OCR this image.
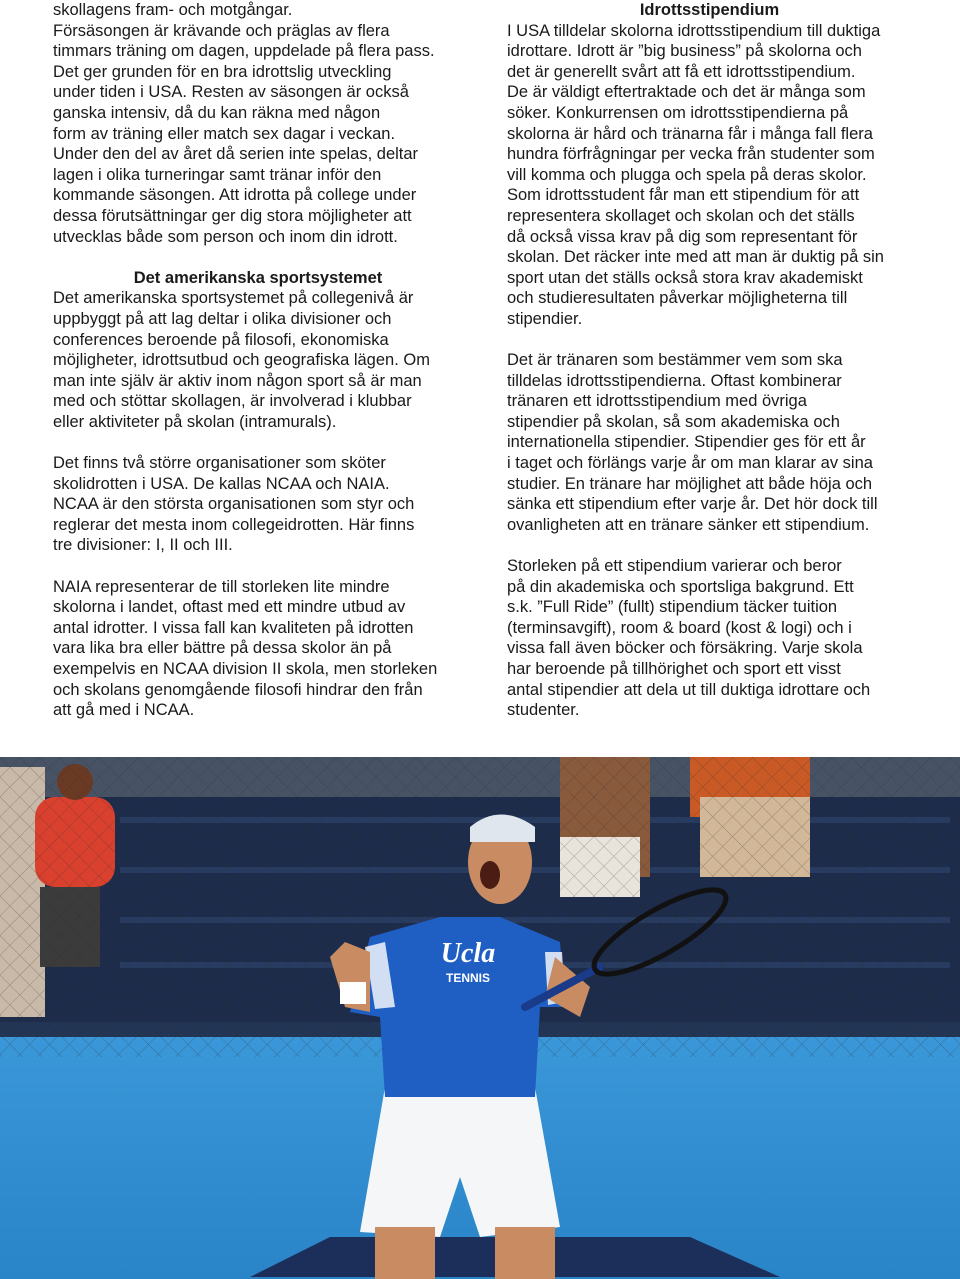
skollagens fram- och motgångar.

Försäsongen är krävande och präglas av flera

timmars träning om dagen, uppdelade på flera pass.

Det ger grunden för en bra idrottslig utveckling

under tiden i USA. Resten av säsongen är också

ganska intensiv, då du kan räkna med någon

form av träning eller match sex dagar i veckan.

Under den del av året då serien inte spelas, deltar

lagen i olika turneringar samt tränar inför den

kommande säsongen. Att idrotta på college under

dessa förutsättningar ger dig stora möjligheter att

utvecklas både som person och inom din idrott.

Det amerikanska sportsystemet

Det amerikanska sportsystemet på collegenivå är

uppbyggt på att lag deltar i olika divisioner och

conferences beroende på filosofi, ekonomiska

möjligheter, idrottsutbud och geografiska lägen. Om

man inte själv är aktiv inom någon sport så är man

med och stöttar skollagen, är involverad i klubbar

eller aktiviteter på skolan (intramurals).

Det finns två större organisationer som sköter

skolidrotten i USA. De kallas NCAA och NAIA.

NCAA är den största organisationen som styr och

reglerar det mesta inom collegeidrotten. Här finns

tre divisioner: I, II och III.

NAIA representerar de till storleken lite mindre

skolorna i landet, oftast med ett mindre utbud av

antal idrotter. I vissa fall kan kvaliteten på idrotten

vara lika bra eller bättre på dessa skolor än på

exempelvis en NCAA division II skola, men storleken

och skolans genomgående filosofi hindrar den från

att gå med i NCAA.

Idrottsstipendium

I USA tilldelar skolorna idrottsstipendium till duktiga

idrottare. Idrott är ”big business” på skolorna och

det är generellt svårt att få ett idrottsstipendium.

De är väldigt eftertraktade och det är många som

söker. Konkurrensen om idrottsstipendierna på

skolorna är hård och tränarna får i många fall flera

hundra förfrågningar per vecka från studenter som

vill komma och plugga och spela på deras skolor.

Som idrottsstudent får man ett stipendium för att

representera skollaget och skolan och det ställs

då också vissa krav på dig som representant för

skolan. Det räcker inte med att man är duktig på sin

sport utan det ställs också stora krav akademiskt

och studieresultaten påverkar möjligheterna till

stipendier.

Det är tränaren som bestämmer vem som ska

tilldelas idrottsstipendierna. Oftast kombinerar

tränaren ett idrottsstipendium med övriga

stipendier på skolan, så som akademiska och

internationella stipendier. Stipendier ges för ett år

i taget och förlängs varje år om man klarar av sina

studier. En tränare har möjlighet att både höja och

sänka ett stipendium efter varje år. Det hör dock till

ovanligheten att en tränare sänker ett stipendium.

Storleken på ett stipendium varierar och beror

på din akademiska och sportsliga bakgrund. Ett

s.k. ”Full Ride” (fullt) stipendium täcker tuition

(terminsavgift), room & board (kost & logi) och i

vissa fall även böcker och försäkring. Varje skola

har beroende på tillhörighet och sport ett visst

antal stipendier att dela ut till duktiga idrottare och

studenter.

Ucla
TENNIS
